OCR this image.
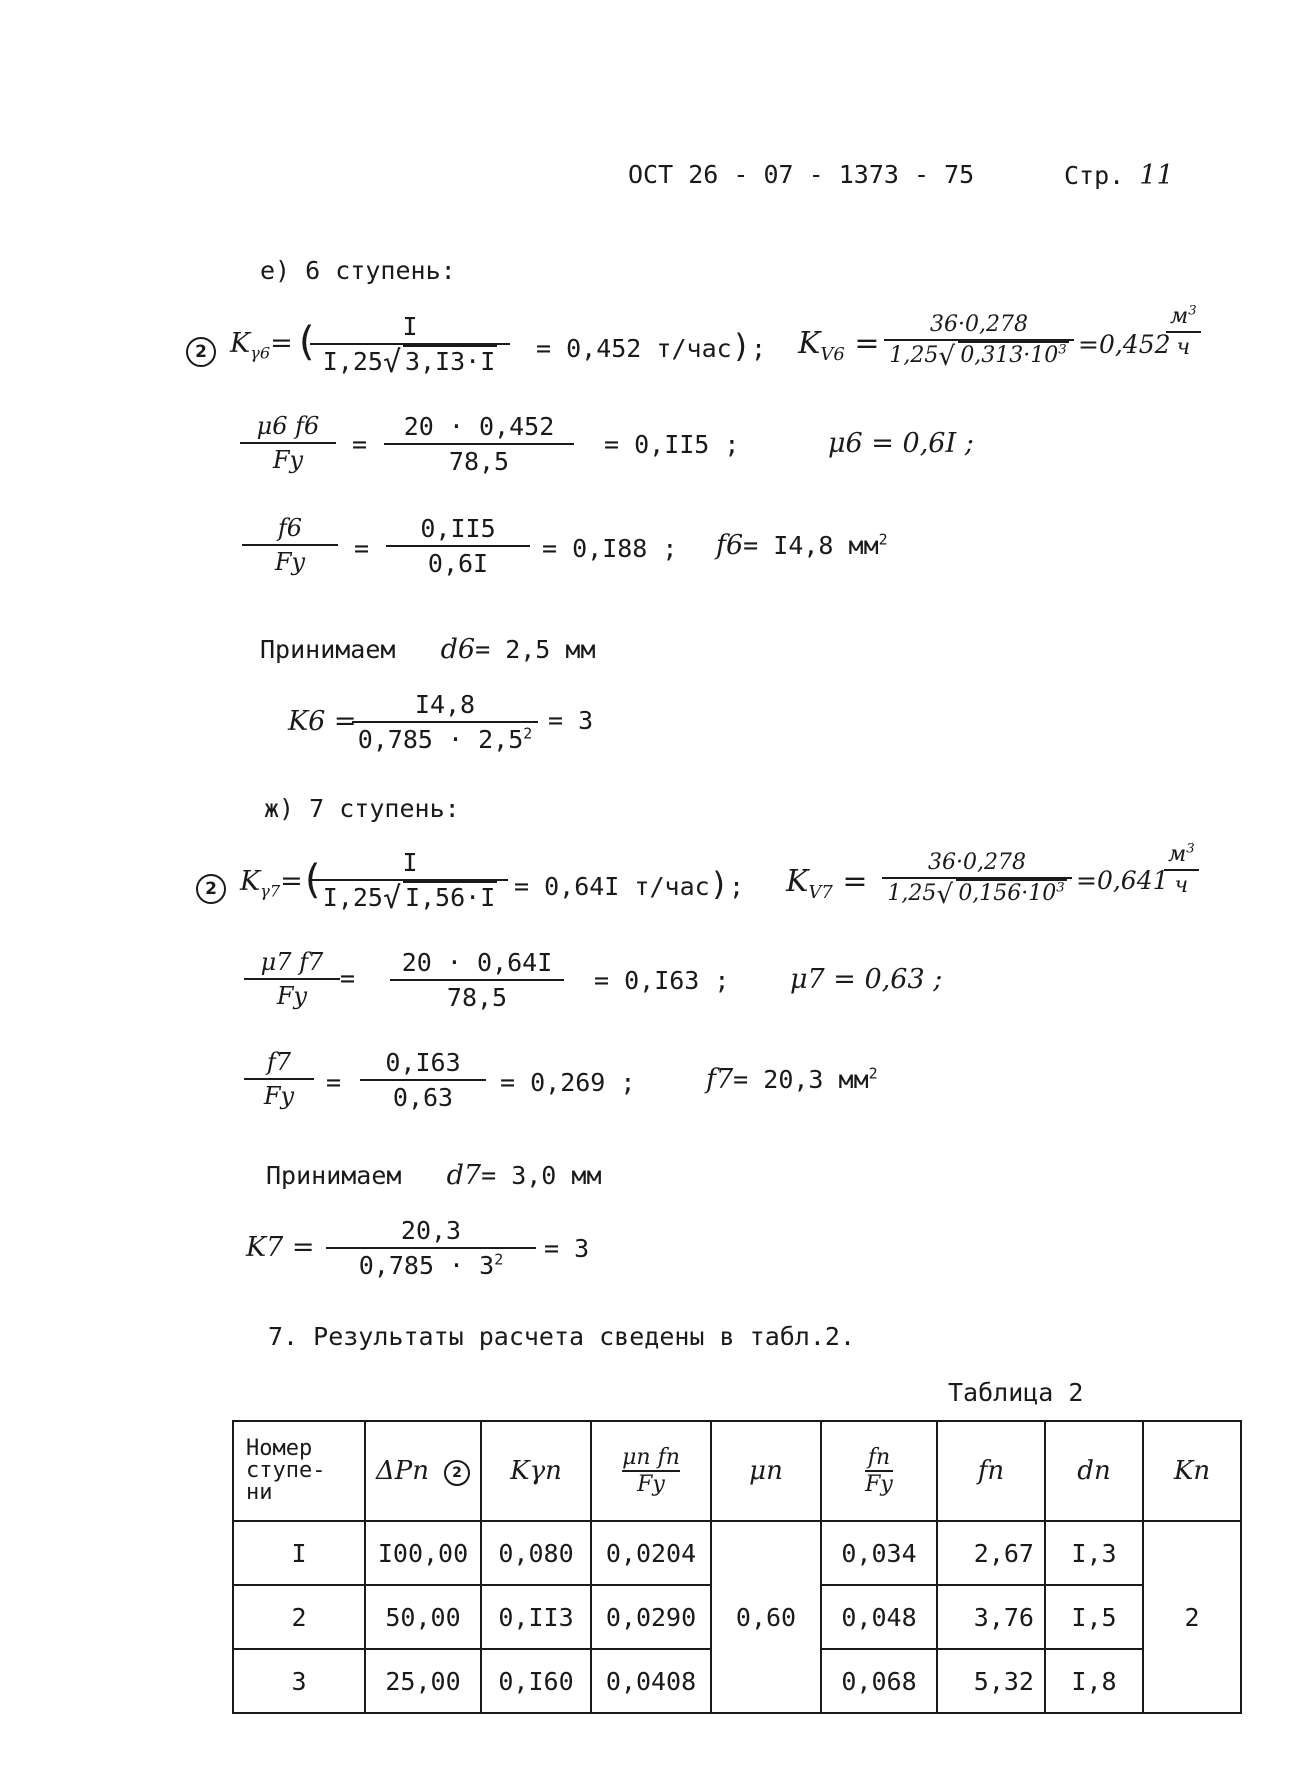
ОСТ 26 - 07 - 1373 - 75	Стр. 11
е) 6 ступень:
2 $K_{\gamma 6}=$ (	I
I,25 √ 3,I3·I = 0,452 т/час); $K_{V6}$ =
36·0,278
1,25 √ $0,313\cdot 10^3 =0,452$
$м^3$
ч
μ6 f6
Fy
=
20 · 0,452
78,5
= 0,II5 ;	μ6 = 0,6I ;
f6
Fy =
0,II5
0,6I
= 0,I88 ; f6= I4,8 $мм^2$
Принимаем d6= 2,5 мм
K6 =
I4,8
$0,785 \cdot 2,5^2 = 3$
ж) 7 ступень:
2 $K_{\gamma 7}=$
(	I
I,25 √ I,56·I = 0,64I т/час); $K_{V7}$ =
36·0,278
1,25 √ $0,156\cdot 10^3 =0,641$
$м^3$
ч
μ7 f7
Fy
=
20 · 0,64I
78,5
= 0,I63 ; μ7 = 0,63 ;
f7
Fy =
0,I63
0,63
= 0,269 ;	f7= 20,3 $мм^2$
Принимаем d7= 3,0 мм
K7 =
20,3
$0,785 \cdot 3^2 = 3$
7. Результаты расчета сведены в табл.2.
Таблица 2
Номер ступе-ни	ΔPn 2	Kγn	$\frac{\text{μn fn}}{Fy}$	μn	$\frac{fn}{Fy}$	fn	dn	Kn
I	I00,00	0,080	0,0204	0,60	0,034	2,67	I,3	2
2	50,00	0,II3	0,0290		0,048	3,76	I,5	
3	25,00	0,I60	0,0408		0,068	5,32	I,8	
